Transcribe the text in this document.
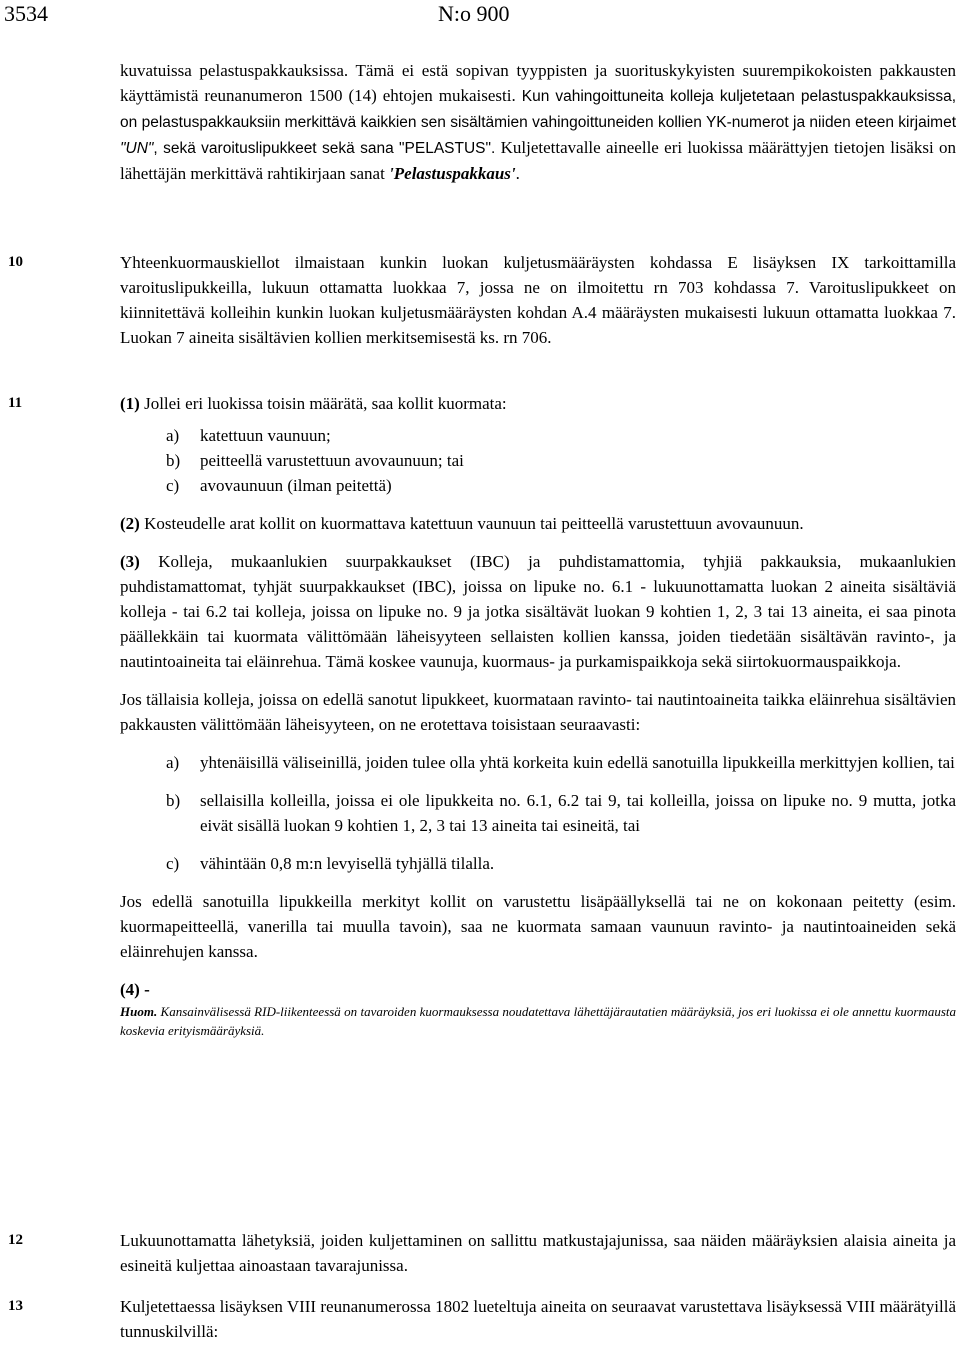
3534	N:o 900

kuvatuissa pelastuspakkauksissa. Tämä ei estä sopivan tyyppisten ja suorituskykyisten suurempikokoisten pakkausten käyttämistä reunanumeron 1500 (14) ehtojen mukaisesti. Kun vahingoittuneita kolleja kuljetetaan pelastuspakkauksissa, on pelastuspakkauksiin merkittävä kaikkien sen sisältämien vahingoittuneiden kollien YK-numerot ja niiden eteen kirjaimet "UN", sekä varoituslipukkeet sekä sana "PELASTUS". Kuljetettavalle aineelle eri luokissa määrättyjen tietojen lisäksi on lähettäjän merkittävä rahtikirjaan sanat 'Pelastuspakkaus'.

10	Yhteenkuormauskiellot ilmaistaan kunkin luokan kuljetusmääräysten kohdassa E lisäyksen IX tarkoittamilla varoituslipukkeilla, lukuun ottamatta luokkaa 7, jossa ne on ilmoitettu rn 703 kohdassa 7. Varoituslipukkeet on kiinnitettävä kolleihin kunkin luokan kuljetusmääräysten kohdan A.4 määräysten mukaisesti lukuun ottamatta luokkaa 7. Luokan 7 aineita sisältävien kollien merkitsemisestä ks. rn 706.

11	(1) Jollei eri luokissa toisin määrätä, saa kollit kuormata:

a)	katettuun vaunuun;
b)	peitteellä varustettuun avovaunuun; tai
c)	avovaunuun (ilman peitettä)

(2) Kosteudelle arat kollit on kuormattava katettuun vaunuun tai peitteellä varustettuun avovaunuun.

(3) Kolleja, mukaanlukien suurpakkaukset (IBC) ja puhdistamattomia, tyhjiä pakkauksia, mukaanlukien puhdistamattomat, tyhjät suurpakkaukset (IBC), joissa on lipuke no. 6.1 - lukuunottamatta luokan 2 aineita sisältäviä kolleja - tai 6.2 tai kolleja, joissa on lipuke no. 9 ja jotka sisältävät luokan 9 kohtien 1, 2, 3 tai 13 aineita, ei saa pinota päällekkäin tai kuormata välittömään läheisyyteen sellaisten kollien kanssa, joiden tiedetään sisältävän ravinto-, ja nautintoaineita tai eläinrehua. Tämä koskee vaunuja, kuormaus- ja purkamispaikkoja sekä siirtokuormauspaikkoja.

Jos tällaisia kolleja, joissa on edellä sanotut lipukkeet, kuormataan ravinto- tai nautintoaineita taikka eläinrehua sisältävien pakkausten välittömään läheisyyteen, on ne erotettava toisistaan seuraavasti:

a)	yhtenäisillä väliseinillä, joiden tulee olla yhtä korkeita kuin edellä sanotuilla lipukkeilla merkittyjen kollien, tai
b)	sellaisilla kolleilla, joissa ei ole lipukkeita no. 6.1, 6.2 tai 9, tai kolleilla, joissa on lipuke no. 9 mutta, jotka eivät sisällä luokan 9 kohtien 1, 2, 3 tai 13 aineita tai esineitä, tai
c)	vähintään 0,8 m:n levyisellä tyhjällä tilalla.

Jos edellä sanotuilla lipukkeilla merkityt kollit on varustettu lisäpäällyksellä tai ne on kokonaan peitetty (esim. kuormapeitteellä, vanerilla tai muulla tavoin), saa ne kuormata samaan vaunuun ravinto- ja nautintoaineiden sekä eläinrehujen kanssa.

(4) -

Huom. Kansainvälisessä RID-liikenteessä on tavaroiden kuormauksessa noudatettava lähettäjärautatien määräyksiä, jos eri luokissa ei ole annettu kuormausta koskevia erityismääräyksiä.

12	Lukuunottamatta lähetyksiä, joiden kuljettaminen on sallittu matkustajajunissa, saa näiden määräyksien alaisia aineita ja esineitä kuljettaa ainoastaan tavarajunissa.

13	Kuljetettaessa lisäyksen VIII reunanumerossa 1802 lueteltuja aineita on seuraavat varustettava lisäyksessä VIII määrätyillä tunnuskilvillä:
